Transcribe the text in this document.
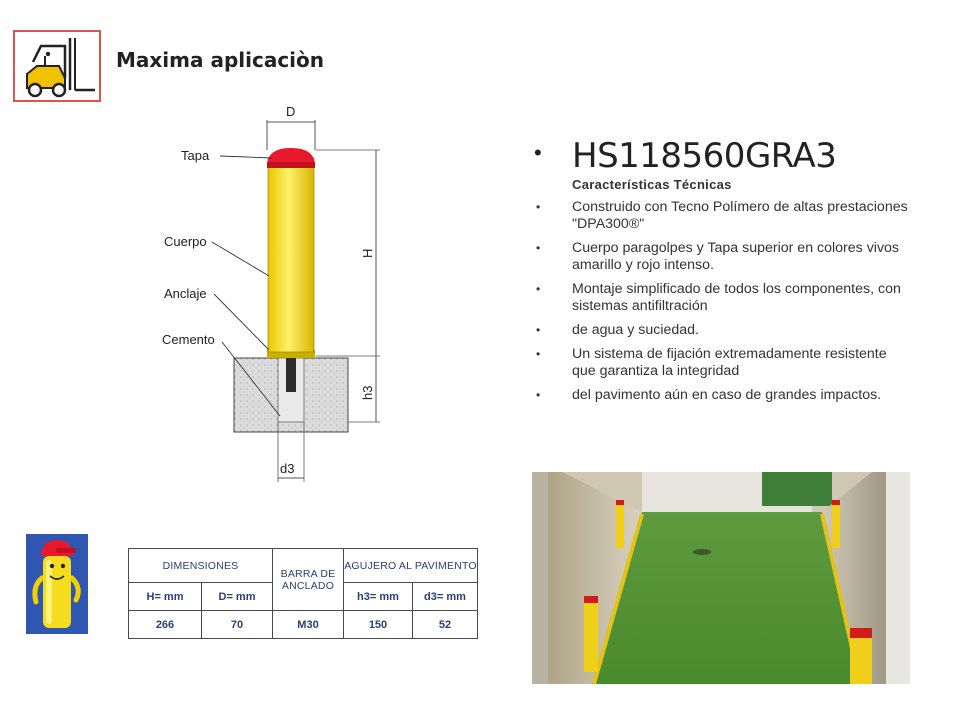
Maxima aplicaciòn
D
H
h3
d3
Tapa
Cuerpo
Anclaje
Cemento
• HS118560GRA3
Características Técnicas
• Construido con Tecno Polímero de altas prestaciones "DPA300®"
• Cuerpo paragolpes y Tapa superior en colores vivos amarillo y rojo intenso.
• Montaje simplificado de todos los componentes, con sistemas antifiltración
• de agua y suciedad.
• Un sistema de fijación extremadamente resistente que garantiza la integridad
• del pavimento aún en caso de grandes impactos.
DIMENSIONES		BARRA DE ANCLADO	AGUJERO AL PAVIMENTO	
H= mm	D= mm		h3= mm	d3= mm
266	70	M30	150	52
